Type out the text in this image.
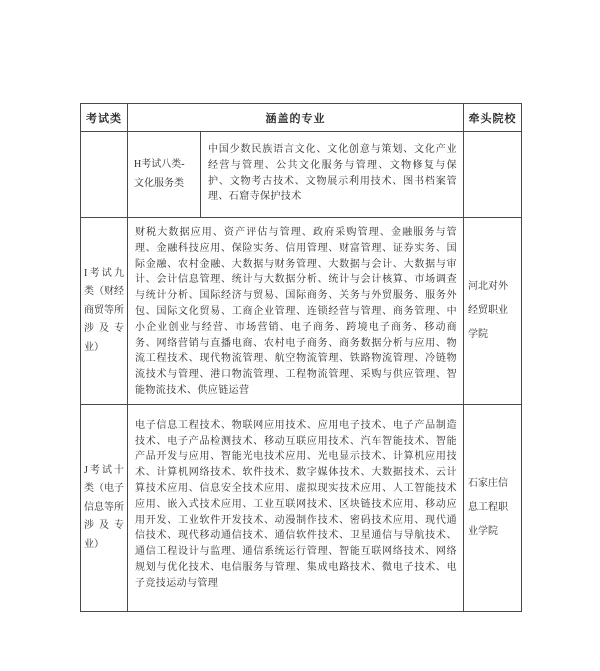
考试类	涵盖的专业		牵头院校
	H考试八类-文化服务类	中国少数民族语言文化、文化创意与策划、文化产业经营与管理、公共文化服务与管理、文物修复与保护、文物考古技术、文物展示利用技术、图书档案管理、石窟寺保护技术	
I考试九类（财经商贸等所涉及专业）	财税大数据应用、资产评估与管理、政府采购管理、金融服务与管理、金融科技应用、保险实务、信用管理、财富管理、证券实务、国际金融、农村金融、大数据与财务管理、大数据与会计、大数据与审计、会计信息管理、统计与大数据分析、统计与会计核算、市场调查与统计分析、国际经济与贸易、国际商务、关务与外贸服务、服务外包、国际文化贸易、工商企业管理、连锁经营与管理、商务管理、中小企业创业与经营、市场营销、电子商务、跨境电子商务、移动商务、网络营销与直播电商、农村电子商务、商务数据分析与应用、物流工程技术、现代物流管理、航空物流管理、铁路物流管理、冷链物流技术与管理、港口物流管理、工程物流管理、采购与供应管理、智能物流技术、供应链运营		河北对外经贸职业学院
J考试十类（电子信息等所涉及专业）	电子信息工程技术、物联网应用技术、应用电子技术、电子产品制造技术、电子产品检测技术、移动互联应用技术、汽车智能技术、智能产品开发与应用、智能光电技术应用、光电显示技术、计算机应用技术、计算机网络技术、软件技术、数字媒体技术、大数据技术、云计算技术应用、信息安全技术应用、虚拟现实技术应用、人工智能技术应用、嵌入式技术应用、工业互联网技术、区块链技术应用、移动应用开发、工业软件开发技术、动漫制作技术、密码技术应用、现代通信技术、现代移动通信技术、通信软件技术、卫星通信与导航技术、通信工程设计与监理、通信系统运行管理、智能互联网络技术、网络规划与优化技术、电信服务与管理、集成电路技术、微电子技术、电子竞技运动与管理		石家庄信息工程职业学院
